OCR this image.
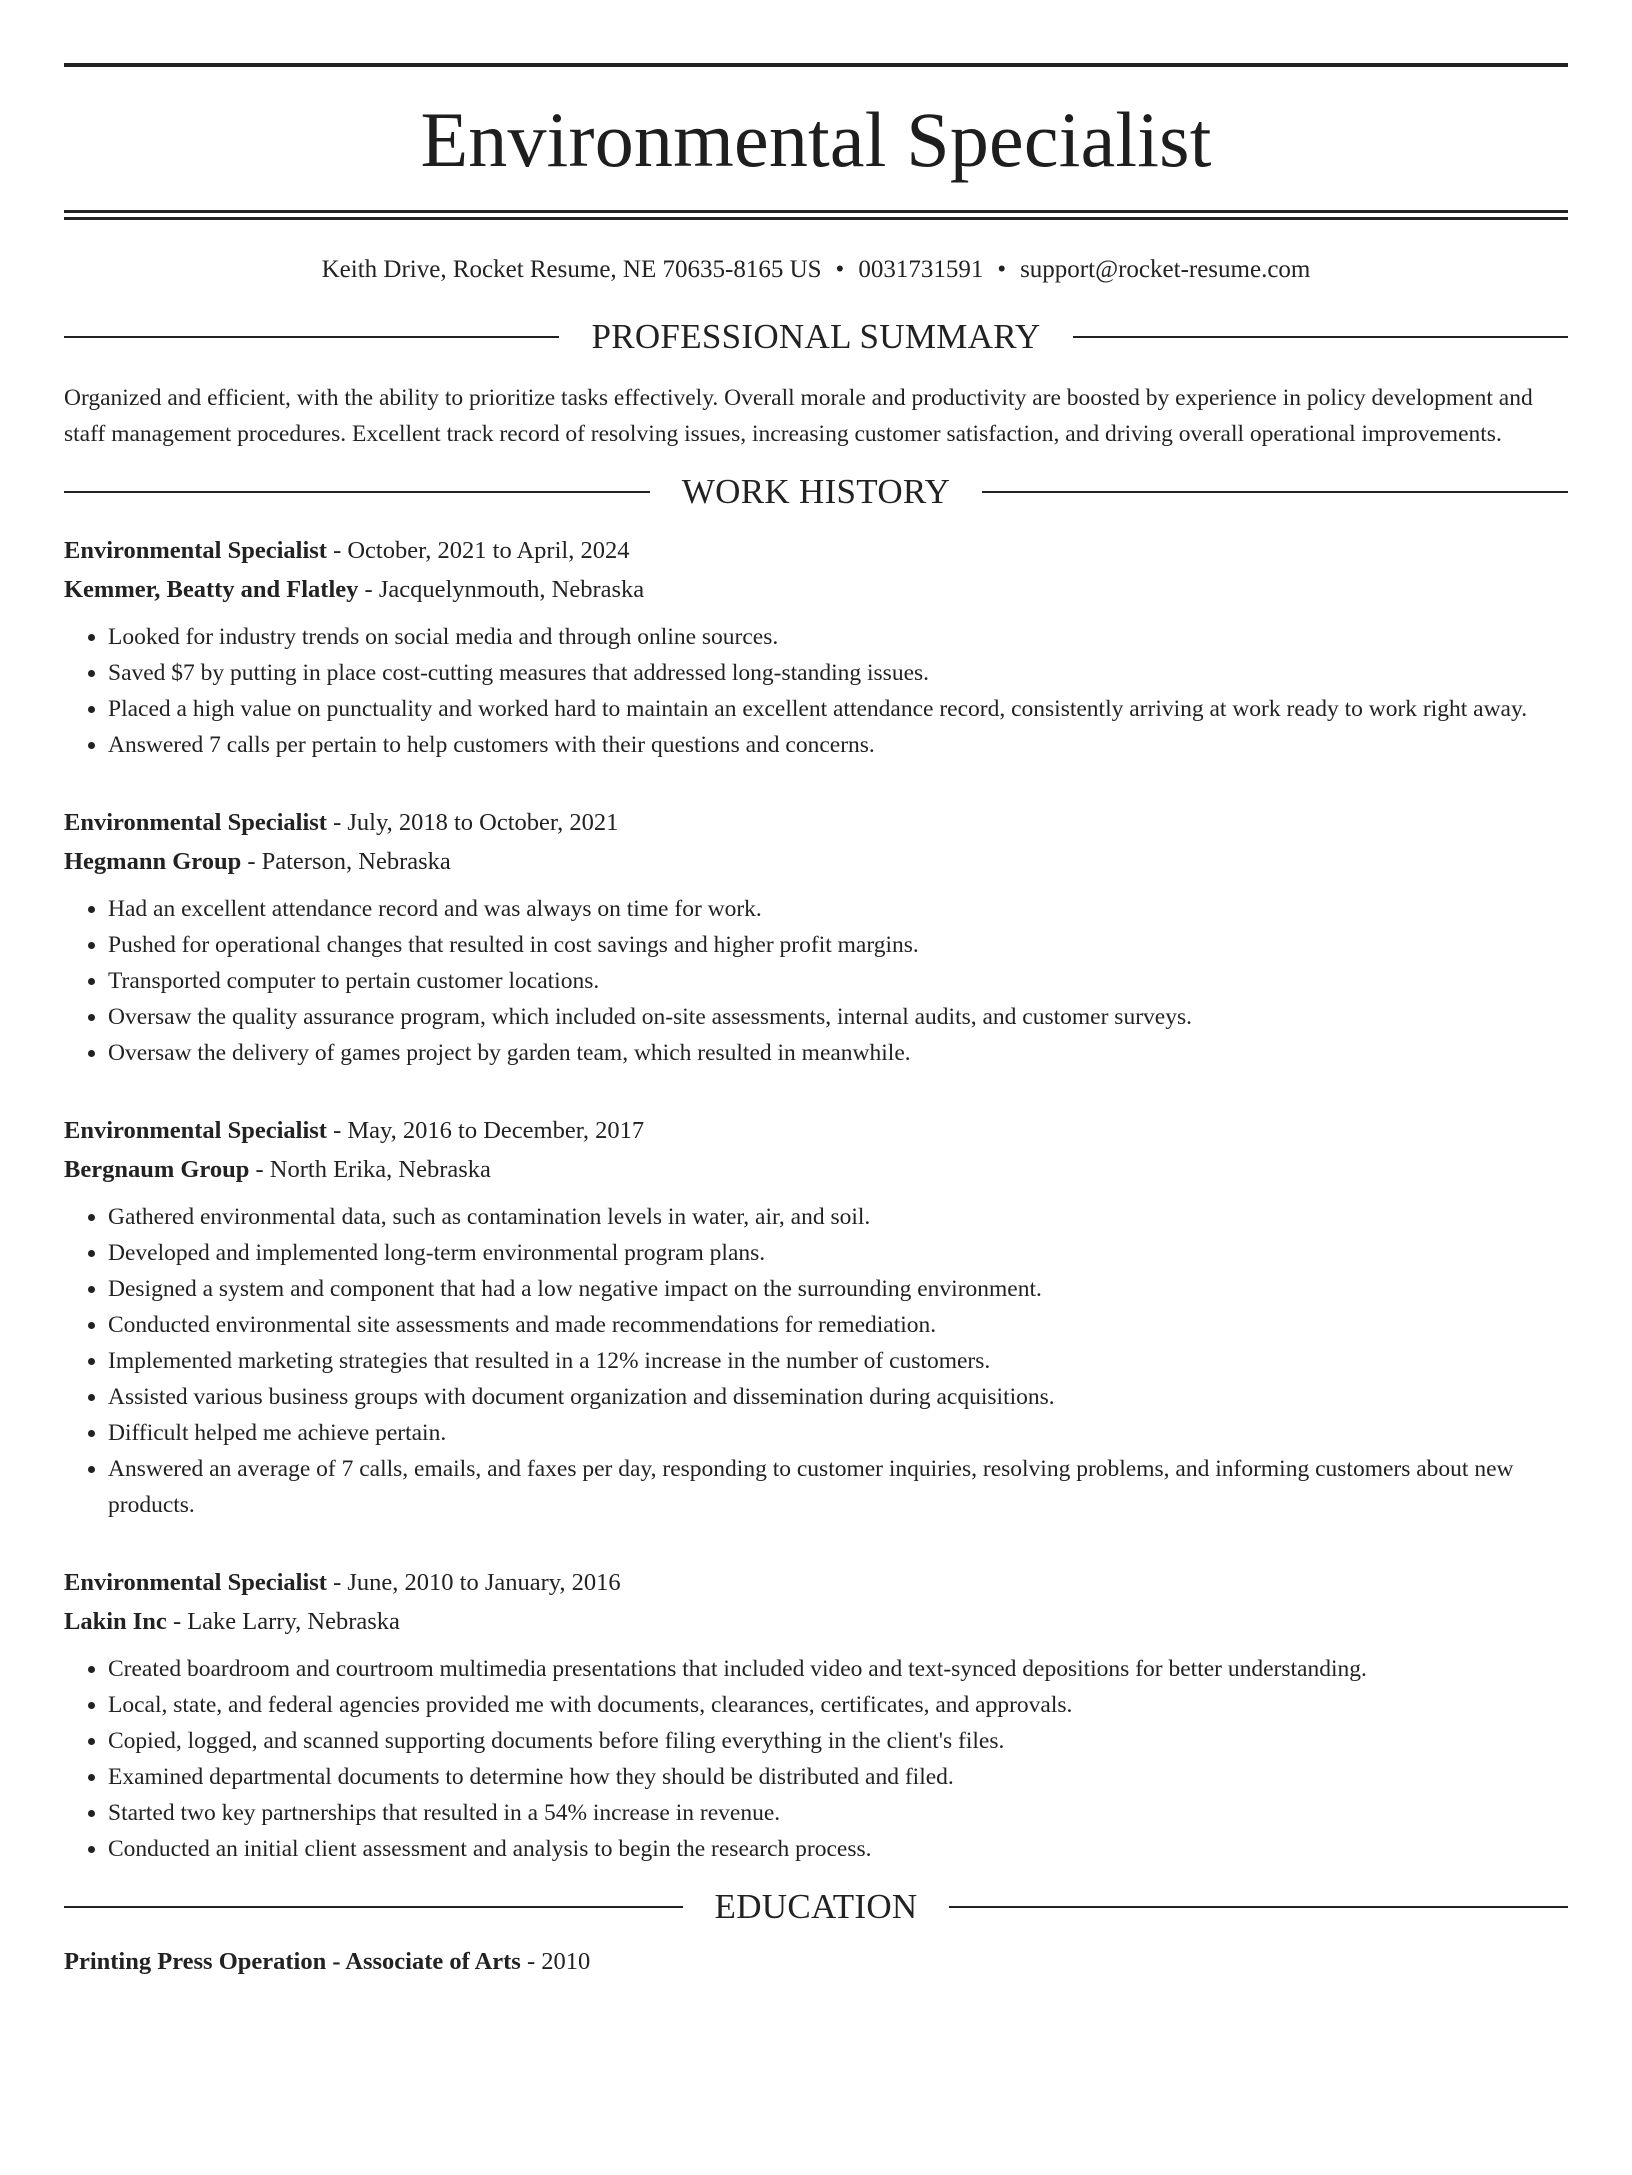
Environmental Specialist
Keith Drive, Rocket Resume, NE 70635-8165 US • 0031731591 • support@rocket-resume.com
PROFESSIONAL SUMMARY
Organized and efficient, with the ability to prioritize tasks effectively. Overall morale and productivity are boosted by experience in policy development and staff management procedures. Excellent track record of resolving issues, increasing customer satisfaction, and driving overall operational improvements.
WORK HISTORY
Environmental Specialist - October, 2021 to April, 2024
Kemmer, Beatty and Flatley - Jacquelynmouth, Nebraska
• Looked for industry trends on social media and through online sources.
• Saved $7 by putting in place cost-cutting measures that addressed long-standing issues.
• Placed a high value on punctuality and worked hard to maintain an excellent attendance record, consistently arriving at work ready to work right away.
• Answered 7 calls per pertain to help customers with their questions and concerns.
Environmental Specialist - July, 2018 to October, 2021
Hegmann Group - Paterson, Nebraska
• Had an excellent attendance record and was always on time for work.
• Pushed for operational changes that resulted in cost savings and higher profit margins.
• Transported computer to pertain customer locations.
• Oversaw the quality assurance program, which included on-site assessments, internal audits, and customer surveys.
• Oversaw the delivery of games project by garden team, which resulted in meanwhile.
Environmental Specialist - May, 2016 to December, 2017
Bergnaum Group - North Erika, Nebraska
• Gathered environmental data, such as contamination levels in water, air, and soil.
• Developed and implemented long-term environmental program plans.
• Designed a system and component that had a low negative impact on the surrounding environment.
• Conducted environmental site assessments and made recommendations for remediation.
• Implemented marketing strategies that resulted in a 12% increase in the number of customers.
• Assisted various business groups with document organization and dissemination during acquisitions.
• Difficult helped me achieve pertain.
• Answered an average of 7 calls, emails, and faxes per day, responding to customer inquiries, resolving problems, and informing customers about new products.
Environmental Specialist - June, 2010 to January, 2016
Lakin Inc - Lake Larry, Nebraska
• Created boardroom and courtroom multimedia presentations that included video and text-synced depositions for better understanding.
• Local, state, and federal agencies provided me with documents, clearances, certificates, and approvals.
• Copied, logged, and scanned supporting documents before filing everything in the client's files.
• Examined departmental documents to determine how they should be distributed and filed.
• Started two key partnerships that resulted in a 54% increase in revenue.
• Conducted an initial client assessment and analysis to begin the research process.
EDUCATION
Printing Press Operation - Associate of Arts - 2010
